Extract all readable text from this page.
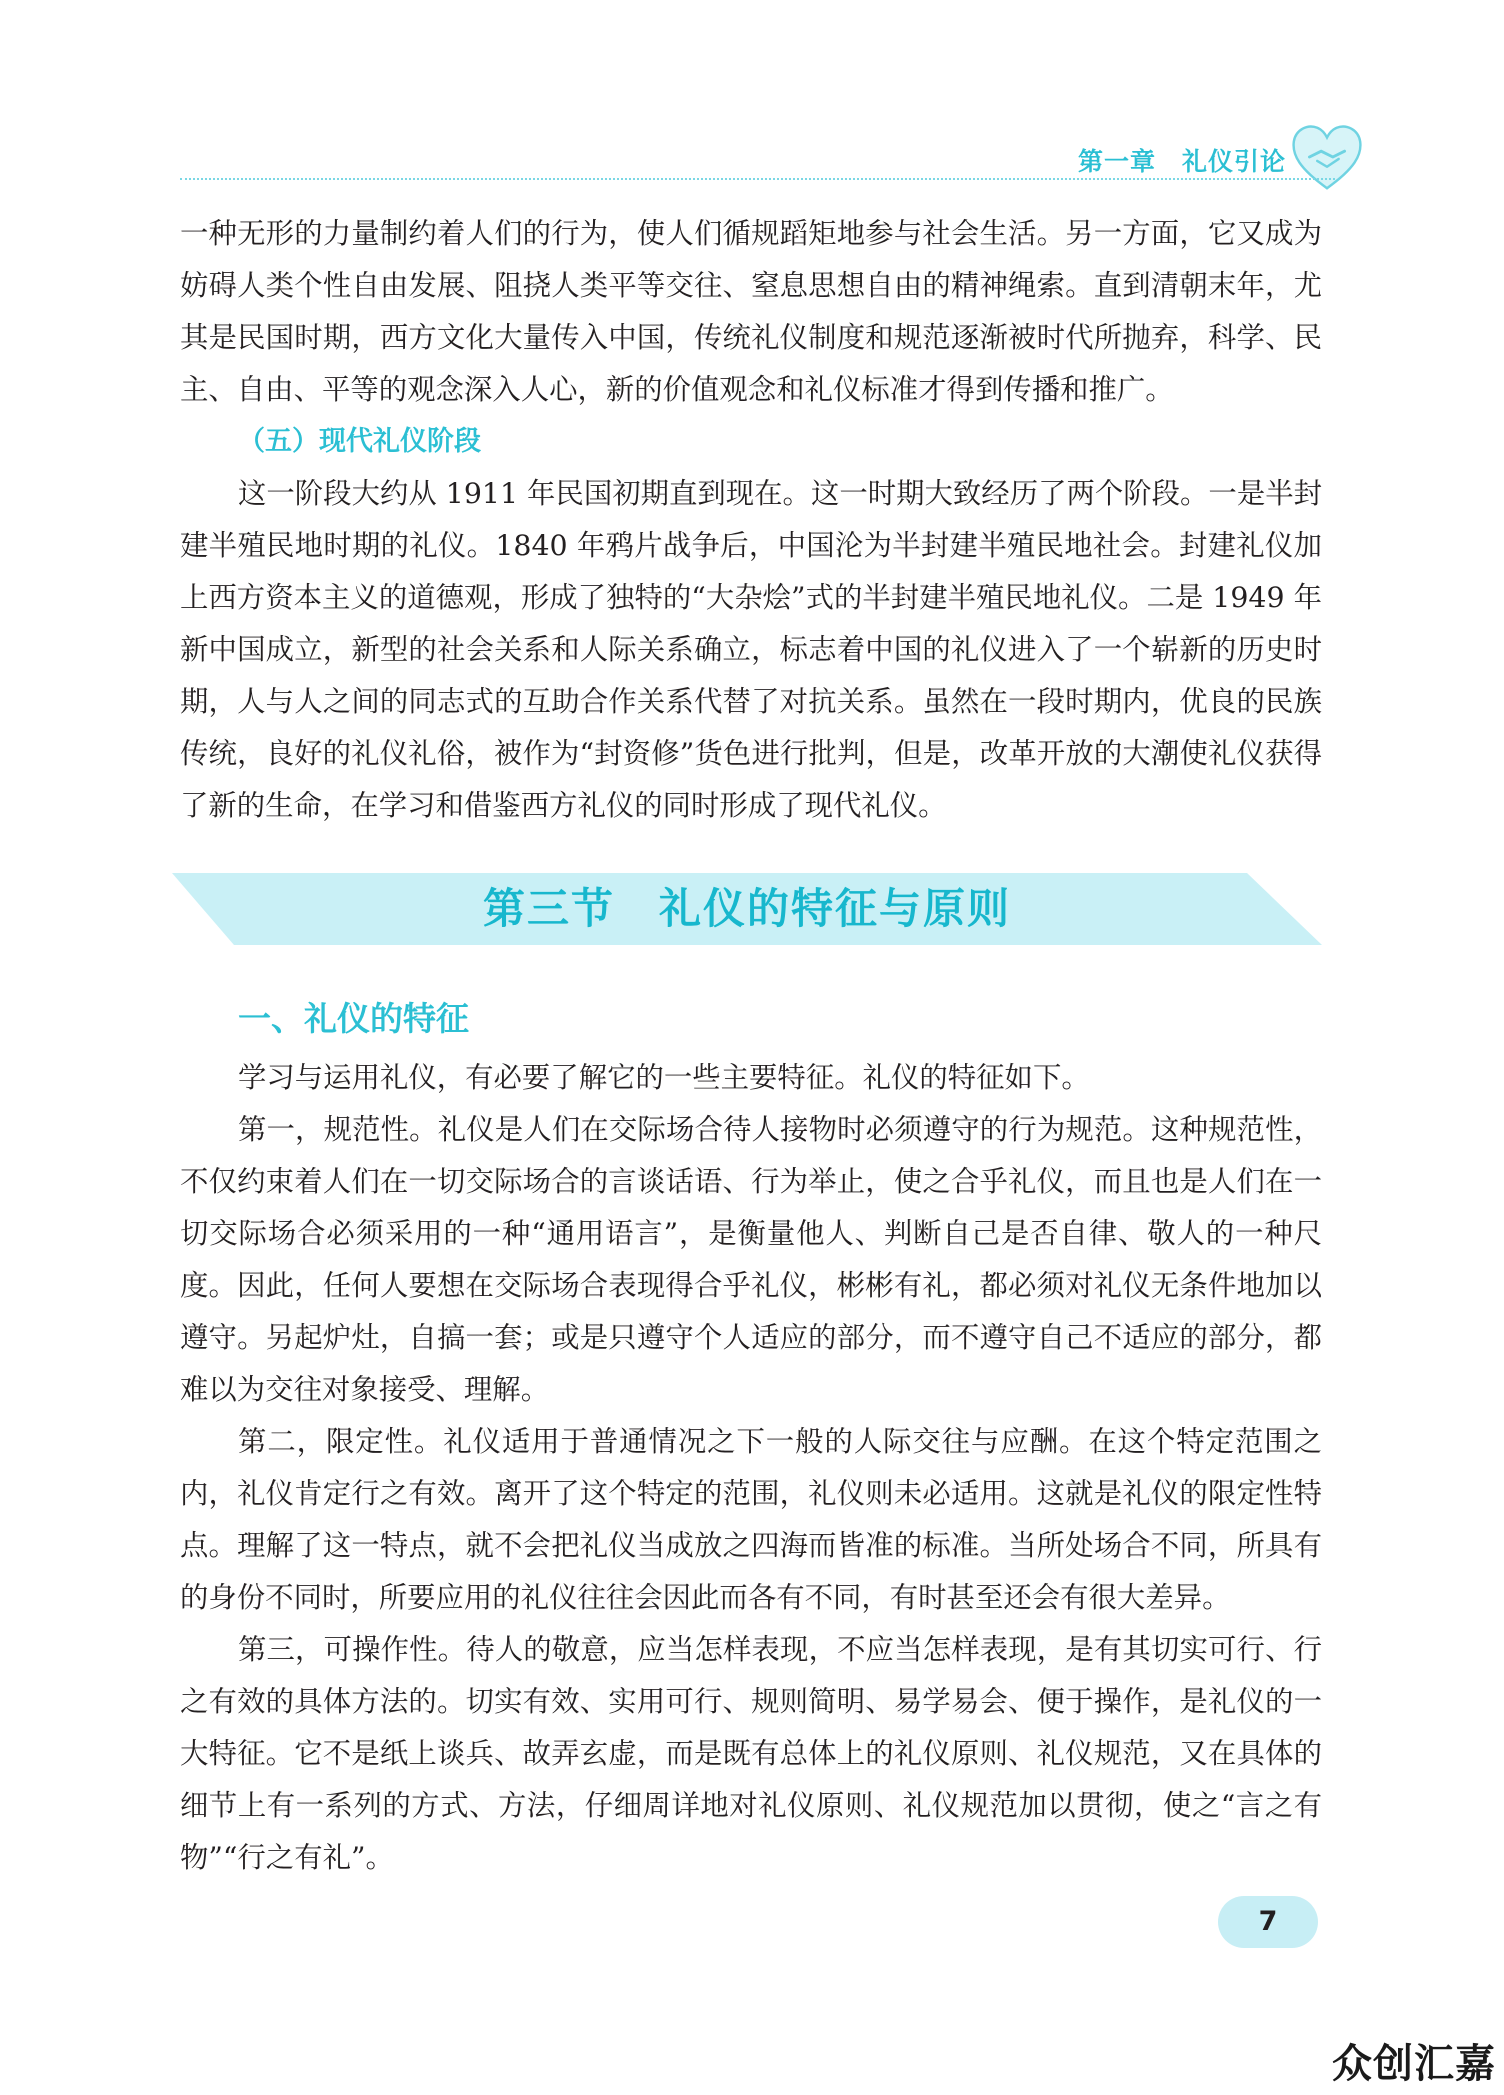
第一章 礼仪引论

一种无形的力量制约着人们的行为，使人们循规蹈矩地参与社会生活。另一方面，它又成为妨碍人类个性自由发展、阻挠人类平等交往、窒息思想自由的精神绳索。直到清朝末年，尤其是民国时期，西方文化大量传入中国，传统礼仪制度和规范逐渐被时代所抛弃，科学、民主、自由、平等的观念深入人心，新的价值观念和礼仪标准才得到传播和推广。

（五）现代礼仪阶段

这一阶段大约从 1911 年民国初期直到现在。这一时期大致经历了两个阶段。一是半封建半殖民地时期的礼仪。1840 年鸦片战争后，中国沦为半封建半殖民地社会。封建礼仪加上西方资本主义的道德观，形成了独特的“大杂烩”式的半封建半殖民地礼仪。二是 1949 年新中国成立，新型的社会关系和人际关系确立，标志着中国的礼仪进入了一个崭新的历史时期，人与人之间的同志式的互助合作关系代替了对抗关系。虽然在一段时期内，优良的民族传统，良好的礼仪礼俗，被作为“封资修”货色进行批判，但是，改革开放的大潮使礼仪获得了新的生命，在学习和借鉴西方礼仪的同时形成了现代礼仪。

第三节 礼仪的特征与原则
一、礼仪的特征

学习与运用礼仪，有必要了解它的一些主要特征。礼仪的特征如下。

第一，规范性。礼仪是人们在交际场合待人接物时必须遵守的行为规范。这种规范性，不仅约束着人们在一切交际场合的言谈话语、行为举止，使之合乎礼仪，而且也是人们在一切交际场合必须采用的一种“通用语言”，是衡量他人、判断自己是否自律、敬人的一种尺度。因此，任何人要想在交际场合表现得合乎礼仪，彬彬有礼，都必须对礼仪无条件地加以遵守。另起炉灶，自搞一套；或是只遵守个人适应的部分，而不遵守自己不适应的部分，都难以为交往对象接受、理解。

第二，限定性。礼仪适用于普通情况之下一般的人际交往与应酬。在这个特定范围之内，礼仪肯定行之有效。离开了这个特定的范围，礼仪则未必适用。这就是礼仪的限定性特点。理解了这一特点，就不会把礼仪当成放之四海而皆准的标准。当所处场合不同，所具有的身份不同时，所要应用的礼仪往往会因此而各有不同，有时甚至还会有很大差异。

第三，可操作性。待人的敬意，应当怎样表现，不应当怎样表现，是有其切实可行、行之有效的具体方法的。切实有效、实用可行、规则简明、易学易会、便于操作，是礼仪的一大特征。它不是纸上谈兵、故弄玄虚，而是既有总体上的礼仪原则、礼仪规范，又在具体的细节上有一系列的方式、方法，仔细周详地对礼仪原则、礼仪规范加以贯彻，使之“言之有物”“行之有礼”。

7
众创汇嘉
